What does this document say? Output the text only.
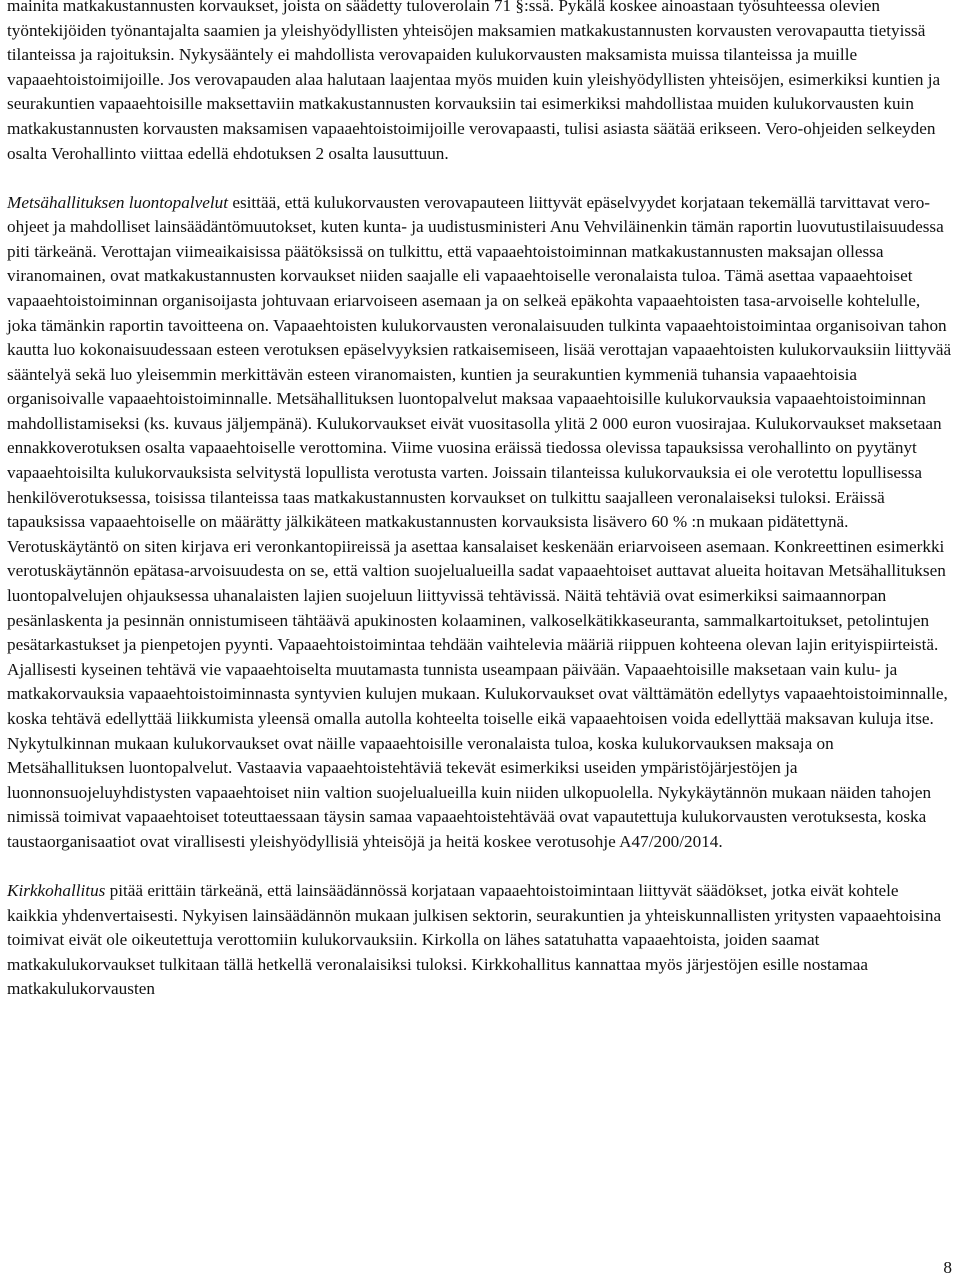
mainita matkakustannusten korvaukset, joista on säädetty tuloverolain 71 §:ssä. Pykälä koskee ainoastaan työsuhteessa olevien työntekijöiden työnantajalta saamien ja yleishyödyllisten yhteisöjen maksamien matkakustannusten korvausten verovapautta tietyissä tilanteissa ja rajoituksin. Nykysääntely ei mahdollista verovapaiden kulukorvausten maksamista muissa tilanteissa ja muille vapaaehtoistoimijoille. Jos verovapauden alaa halutaan laajentaa myös muiden kuin yleishyödyllisten yhteisöjen, esimerkiksi kuntien ja seurakuntien vapaaehtoisille maksettaviin matkakustannusten korvauksiin tai esimerkiksi mahdollistaa muiden kulukorvausten kuin matkakustannusten korvausten maksamisen vapaaehtoistoimijoille verovapaasti, tulisi asiasta säätää erikseen. Vero-ohjeiden selkeyden osalta Verohallinto viittaa edellä ehdotuksen 2 osalta lausuttuun.

Metsähallituksen luontopalvelut esittää, että kulukorvausten verovapauteen liittyvät epäselvyydet korjataan tekemällä tarvittavat vero-ohjeet ja mahdolliset lainsäädäntömuutokset, kuten kunta- ja uudistusministeri Anu Vehviläinenkin tämän raportin luovutustilaisuudessa piti tärkeänä. Verottajan viimeaikaisissa päätöksissä on tulkittu, että vapaaehtoistoiminnan matkakustannusten maksajan ollessa viranomainen, ovat matkakustannusten korvaukset niiden saajalle eli vapaaehtoiselle veronalaista tuloa. Tämä asettaa vapaaehtoiset vapaaehtoistoiminnan organisoijasta johtuvaan eriarvoiseen asemaan ja on selkeä epäkohta vapaaehtoisten tasa-arvoiselle kohtelulle, joka tämänkin raportin tavoitteena on. Vapaaehtoisten kulukorvausten veronalaisuuden tulkinta vapaaehtoistoimintaa organisoivan tahon kautta luo kokonaisuudessaan esteen verotuksen epäselvyyksien ratkaisemiseen, lisää verottajan vapaaehtoisten kulukorvauksiin liittyvää sääntelyä sekä luo yleisemmin merkittävän esteen viranomaisten, kuntien ja seurakuntien kymmeniä tuhansia vapaaehtoisia organisoivalle vapaaehtoistoiminnalle. Metsähallituksen luontopalvelut maksaa vapaaehtoisille kulukorvauksia vapaaehtoistoiminnan mahdollistamiseksi (ks. kuvaus jäljempänä). Kulukorvaukset eivät vuositasolla ylitä 2 000 euron vuosirajaa. Kulukorvaukset maksetaan ennakkoverotuksen osalta vapaaehtoiselle verottomina. Viime vuosina eräissä tiedossa olevissa tapauksissa verohallinto on pyytänyt vapaaehtoisilta kulukorvauksista selvitystä lopullista verotusta varten. Joissain tilanteissa kulukorvauksia ei ole verotettu lopullisessa henkilöverotuksessa, toisissa tilanteissa taas matkakustannusten korvaukset on tulkittu saajalleen veronalaiseksi tuloksi. Eräissä tapauksissa vapaaehtoiselle on määrätty jälkikäteen matkakustannusten korvauksista lisävero 60 % :n mukaan pidätettynä. Verotuskäytäntö on siten kirjava eri veronkantopiireissä ja asettaa kansalaiset keskenään eriarvoiseen asemaan. Konkreettinen esimerkki verotuskäytännön epätasa-arvoisuudesta on se, että valtion suojelualueilla sadat vapaaehtoiset auttavat alueita hoitavan Metsähallituksen luontopalvelujen ohjauksessa uhanalaisten lajien suojeluun liittyvissä tehtävissä. Näitä tehtäviä ovat esimerkiksi saimaannorpan pesänlaskenta ja pesinnän onnistumiseen tähtäävä apukinosten kolaaminen, valkoselkätikkaseuranta, sammalkartoitukset, petolintujen pesätarkastukset ja pienpetojen pyynti. Vapaaehtoistoimintaa tehdään vaihtelevia määriä riippuen kohteena olevan lajin erityispiirteistä. Ajallisesti kyseinen tehtävä vie vapaaehtoiselta muutamasta tunnista useampaan päivään. Vapaaehtoisille maksetaan vain kulu- ja matkakorvauksia vapaaehtoistoiminnasta syntyvien kulujen mukaan. Kulukorvaukset ovat välttämätön edellytys vapaaehtoistoiminnalle, koska tehtävä edellyttää liikkumista yleensä omalla autolla kohteelta toiselle eikä vapaaehtoisen voida edellyttää maksavan kuluja itse. Nykytulkinnan mukaan kulukorvaukset ovat näille vapaaehtoisille veronalaista tuloa, koska kulukorvauksen maksaja on Metsähallituksen luontopalvelut. Vastaavia vapaaehtoistehtäviä tekevät esimerkiksi useiden ympäristöjärjestöjen ja luonnonsuojeluyhdistysten vapaaehtoiset niin valtion suojelualueilla kuin niiden ulkopuolella. Nykykäytännön mukaan näiden tahojen nimissä toimivat vapaaehtoiset toteuttaessaan täysin samaa vapaaehtoistehtävää ovat vapautettuja kulukorvausten verotuksesta, koska taustaorganisaatiot ovat virallisesti yleishyödyllisiä yhteisöjä ja heitä koskee verotusohje A47/200/2014.

Kirkkohallitus pitää erittäin tärkeänä, että lainsäädännössä korjataan vapaaehtoistoimintaan liittyvät säädökset, jotka eivät kohtele kaikkia yhdenvertaisesti. Nykyisen lainsäädännön mukaan julkisen sektorin, seurakuntien ja yhteiskunnallisten yritysten vapaaehtoisina toimivat eivät ole oikeutettuja verottomiin kulukorvauksiin. Kirkolla on lähes satatuhatta vapaaehtoista, joiden saamat matkakulukorvaukset tulkitaan tällä hetkellä veronalaisiksi tuloksi. Kirkkohallitus kannattaa myös järjestöjen esille nostamaa matkakulukorvausten

8
